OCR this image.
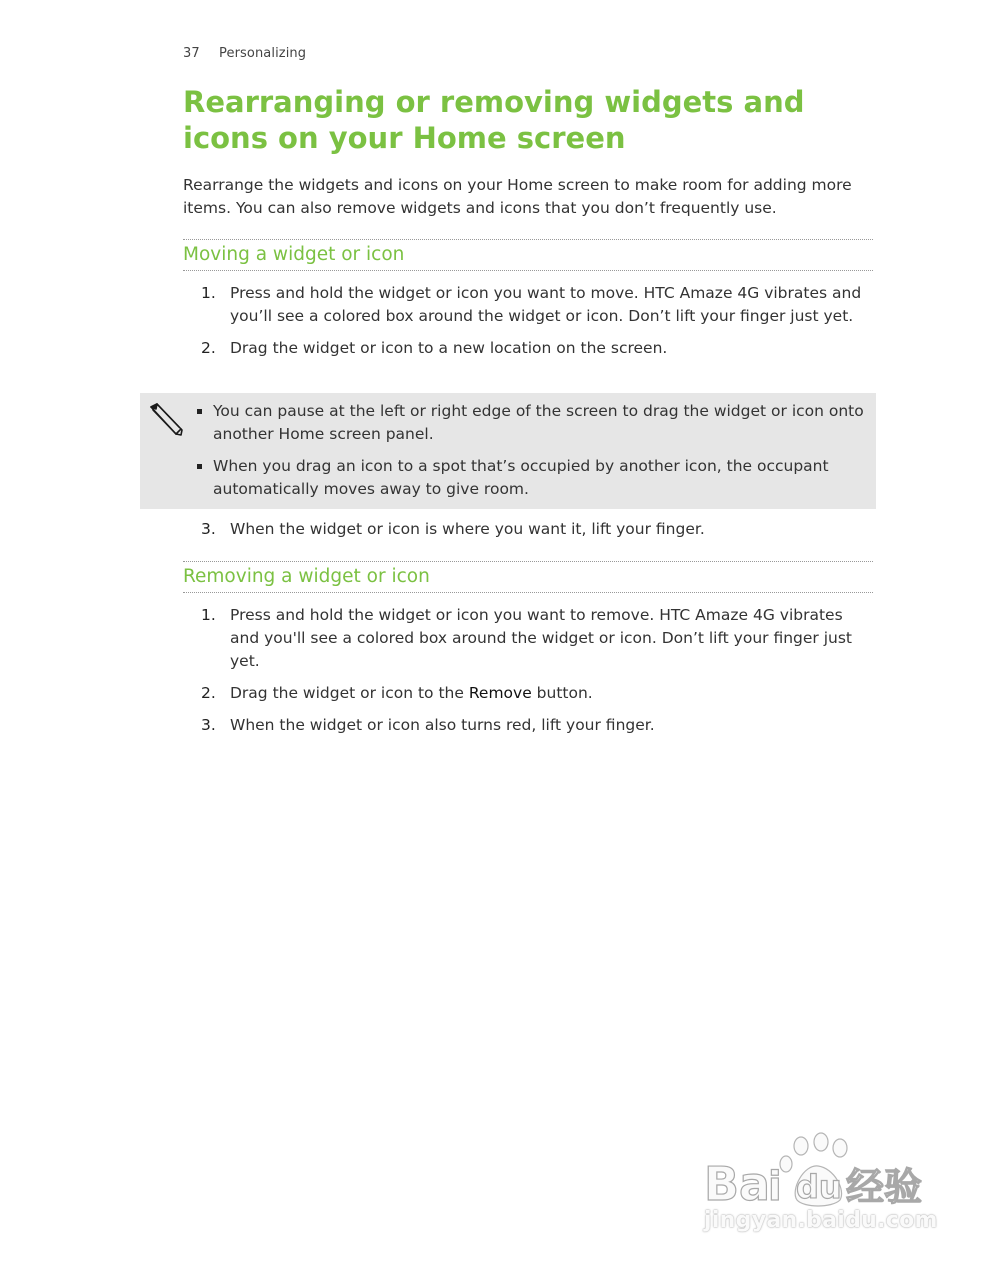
37 Personalizing
Rearranging or removing widgets and icons on your Home screen

Rearrange the widgets and icons on your Home screen to make room for adding more items. You can also remove widgets and icons that you don’t frequently use.

Moving a widget or icon
1. Press and hold the widget or icon you want to move. HTC Amaze 4G vibrates and you’ll see a colored box around the widget or icon. Don’t lift your finger just yet.
2. Drag the widget or icon to a new location on the screen.
You can pause at the left or right edge of the screen to drag the widget or icon onto another Home screen panel.
When you drag an icon to a spot that’s occupied by another icon, the occupant automatically moves away to give room.
3. When the widget or icon is where you want it, lift your finger.
Removing a widget or icon
1. Press and hold the widget or icon you want to remove. HTC Amaze 4G vibrates and you'll see a colored box around the widget or icon. Don’t lift your finger just yet.
2. Drag the widget or icon to the Remove button.
3. When the widget or icon also turns red, lift your finger.
Ba
i du 经验
jingyan.baidu.com
